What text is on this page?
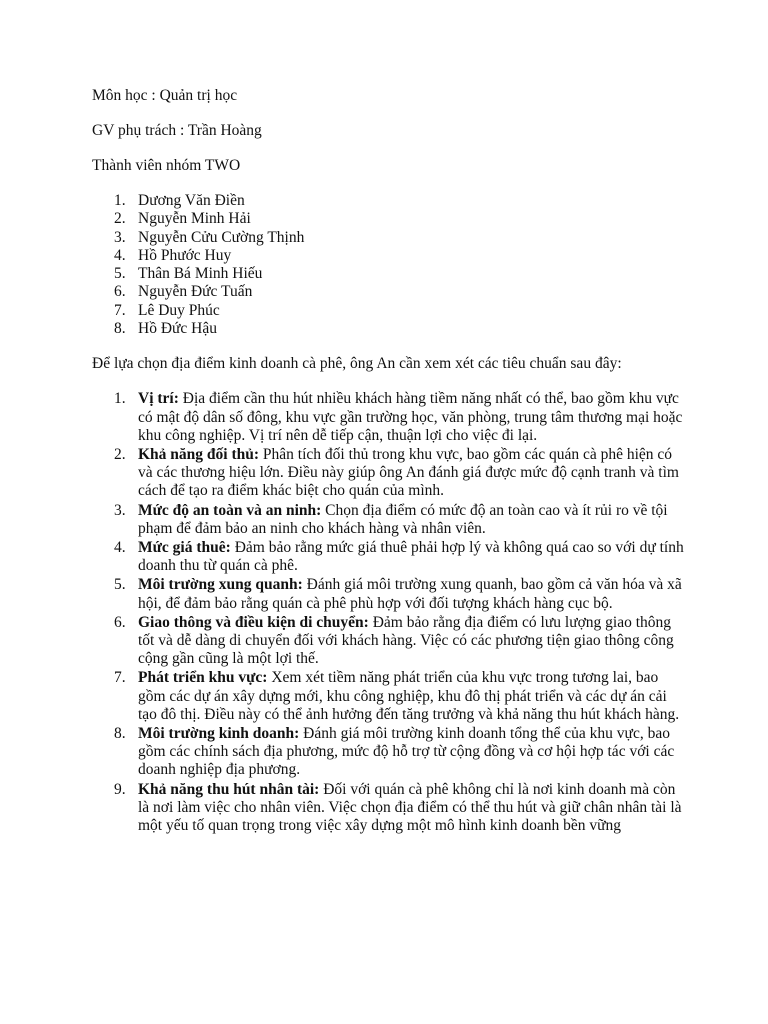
Môn học : Quản trị học

GV phụ trách : Trần Hoàng

Thành viên nhóm TWO

1. Dương Văn Điền
2. Nguyễn Minh Hải
3. Nguyễn Cửu Cường Thịnh
4. Hồ Phước Huy
5. Thân Bá Minh Hiếu
6. Nguyễn Đức Tuấn
7. Lê Duy Phúc
8. Hồ Đức Hậu

Để lựa chọn địa điểm kinh doanh cà phê, ông An cần xem xét các tiêu chuẩn sau đây:

1. Vị trí: Địa điểm cần thu hút nhiều khách hàng tiềm năng nhất có thể, bao gồm khu vực có mật độ dân số đông, khu vực gần trường học, văn phòng, trung tâm thương mại hoặc khu công nghiệp. Vị trí nên dễ tiếp cận, thuận lợi cho việc đi lại.
2. Khả năng đối thủ: Phân tích đối thủ trong khu vực, bao gồm các quán cà phê hiện có và các thương hiệu lớn. Điều này giúp ông An đánh giá được mức độ cạnh tranh và tìm cách để tạo ra điểm khác biệt cho quán của mình.
3. Mức độ an toàn và an ninh: Chọn địa điểm có mức độ an toàn cao và ít rủi ro về tội phạm để đảm bảo an ninh cho khách hàng và nhân viên.
4. Mức giá thuê: Đảm bảo rằng mức giá thuê phải hợp lý và không quá cao so với dự tính doanh thu từ quán cà phê.
5. Môi trường xung quanh: Đánh giá môi trường xung quanh, bao gồm cả văn hóa và xã hội, để đảm bảo rằng quán cà phê phù hợp với đối tượng khách hàng cục bộ.
6. Giao thông và điều kiện di chuyển: Đảm bảo rằng địa điểm có lưu lượng giao thông tốt và dễ dàng di chuyển đối với khách hàng. Việc có các phương tiện giao thông công cộng gần cũng là một lợi thế.
7. Phát triển khu vực: Xem xét tiềm năng phát triển của khu vực trong tương lai, bao gồm các dự án xây dựng mới, khu công nghiệp, khu đô thị phát triển và các dự án cải tạo đô thị. Điều này có thể ảnh hưởng đến tăng trưởng và khả năng thu hút khách hàng.
8. Môi trường kinh doanh: Đánh giá môi trường kinh doanh tổng thể của khu vực, bao gồm các chính sách địa phương, mức độ hỗ trợ từ cộng đồng và cơ hội hợp tác với các doanh nghiệp địa phương.
9. Khả năng thu hút nhân tài: Đối với quán cà phê không chỉ là nơi kinh doanh mà còn là nơi làm việc cho nhân viên. Việc chọn địa điểm có thể thu hút và giữ chân nhân tài là một yếu tố quan trọng trong việc xây dựng một mô hình kinh doanh bền vững
